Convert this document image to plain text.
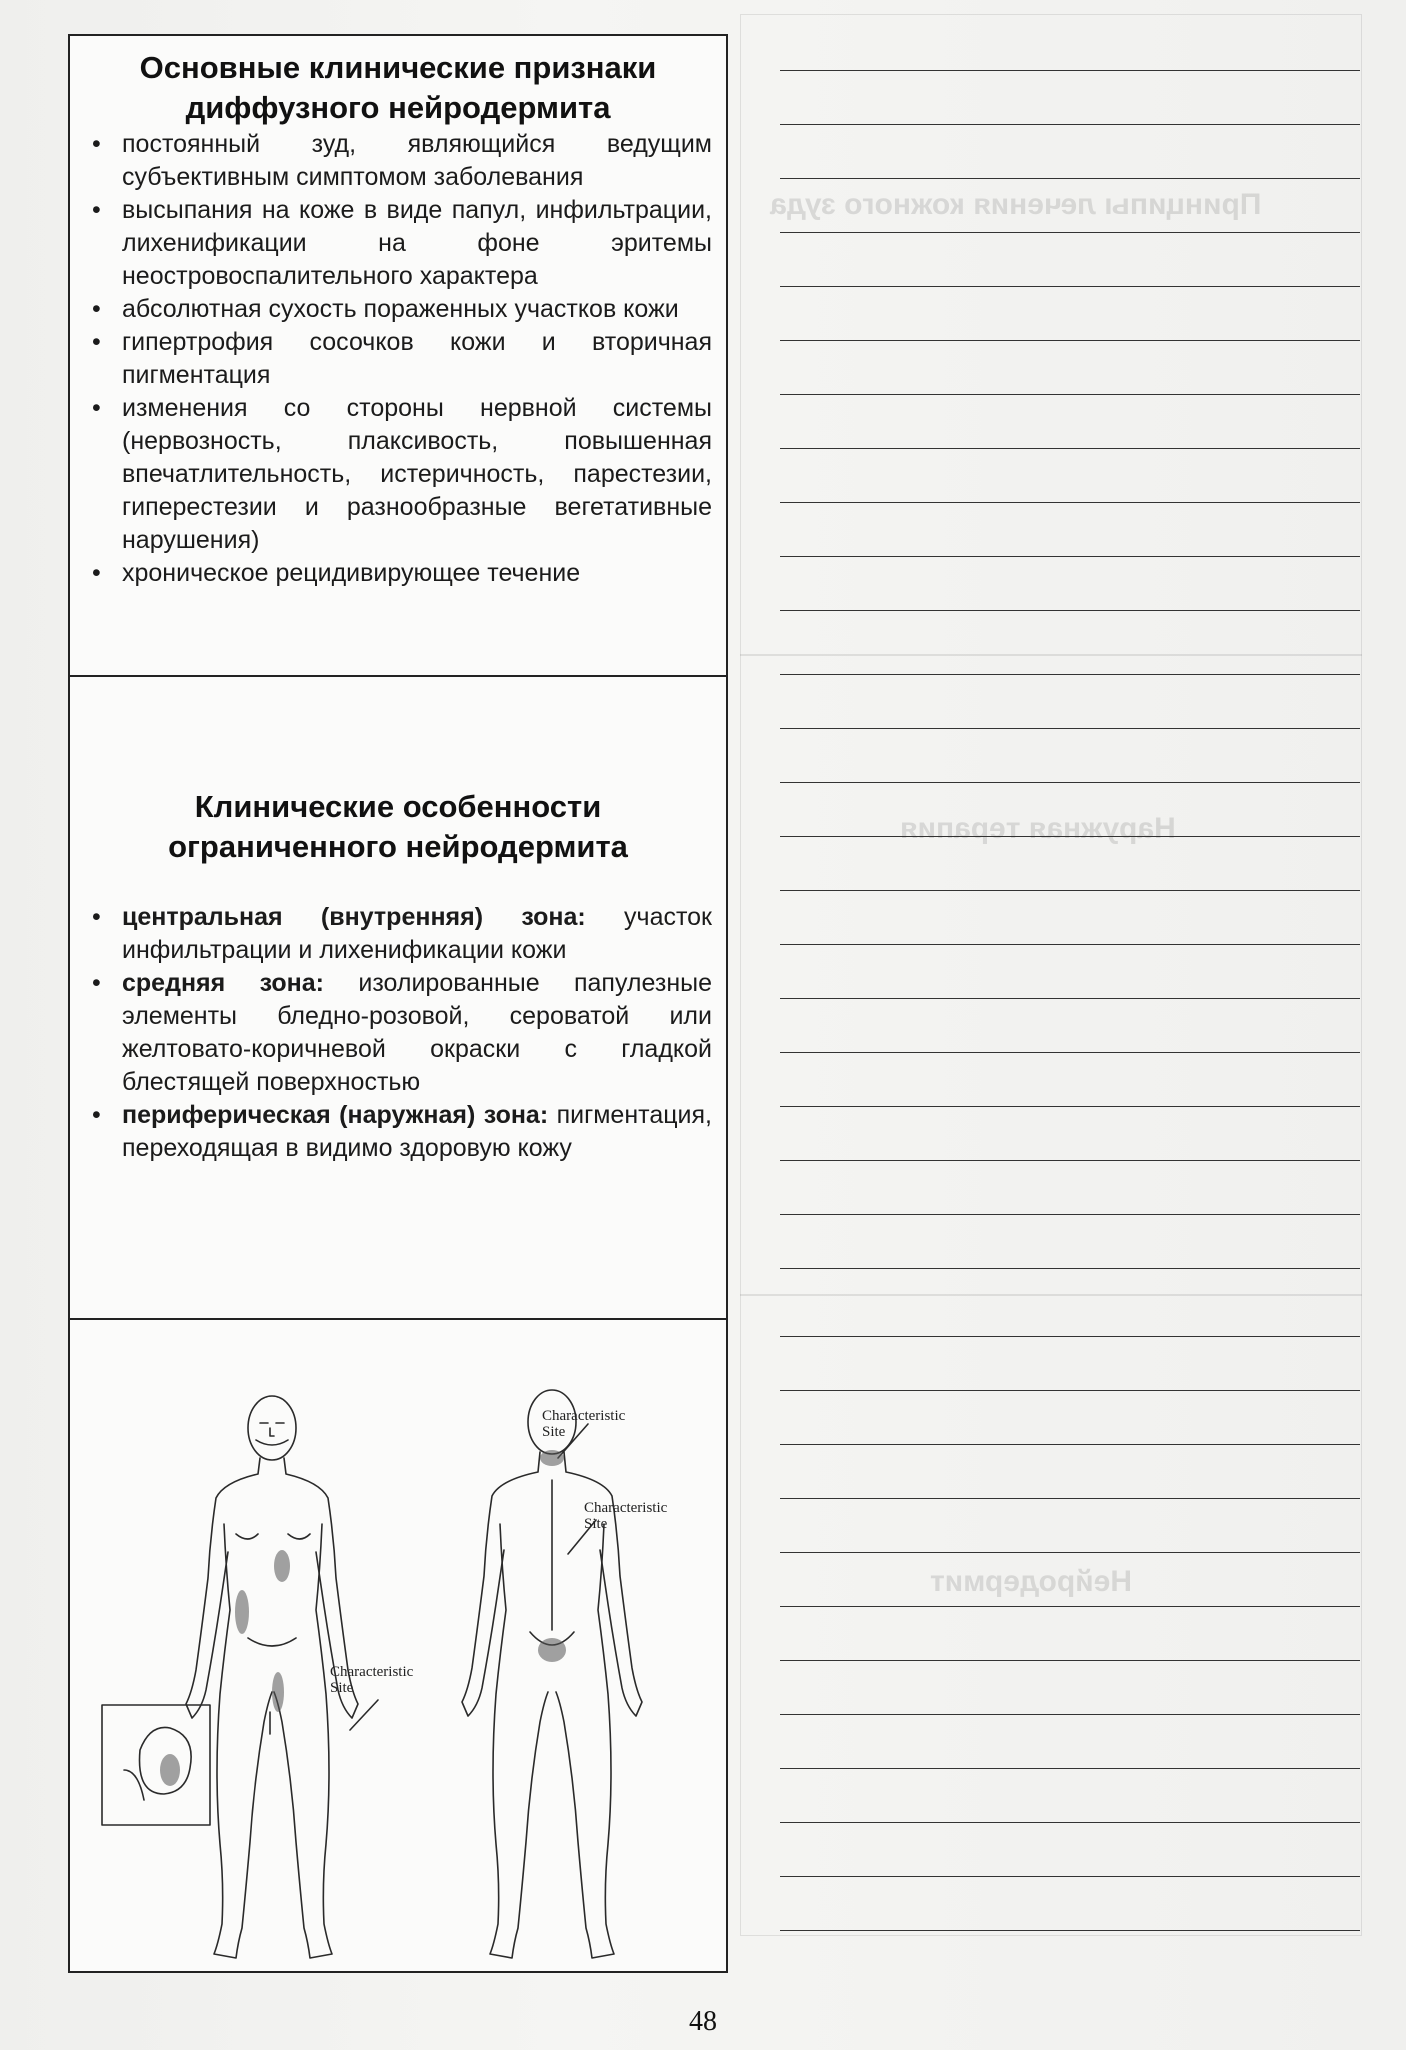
Принципы лечения кожного зуда
Наружная терапия
Нейродермит
Основные клинические признаки
диффузного нейродермита
• постоянный зуд, являющийся ведущим субъективным симптомом заболевания
• высыпания на коже в виде папул, инфильтрации, лихенификации на фоне эритемы неостровоспалительного характера
• абсолютная сухость пораженных участков кожи
• гипертрофия сосочков кожи и вторичная пигментация
• изменения со стороны нервной системы (нервозность, плаксивость, повышенная впечатлительность, истеричность, парестезии, гиперестезии и разнообразные вегетативные нарушения)
• хроническое рецидивирующее течение
Клинические особенности
ограниченного нейродермита
• центральная (внутренняя) зона: участок инфильтрации и лихенификации кожи
• средняя зона: изолированные папулезные элементы бледно-розовой, сероватой или желтовато-коричневой окраски с гладкой блестящей поверхностью
• периферическая (наружная) зона: пигментация, переходящая в видимо здоровую кожу
Characteristic
Site
Characteristic
Site
Characteristic
Site
48
